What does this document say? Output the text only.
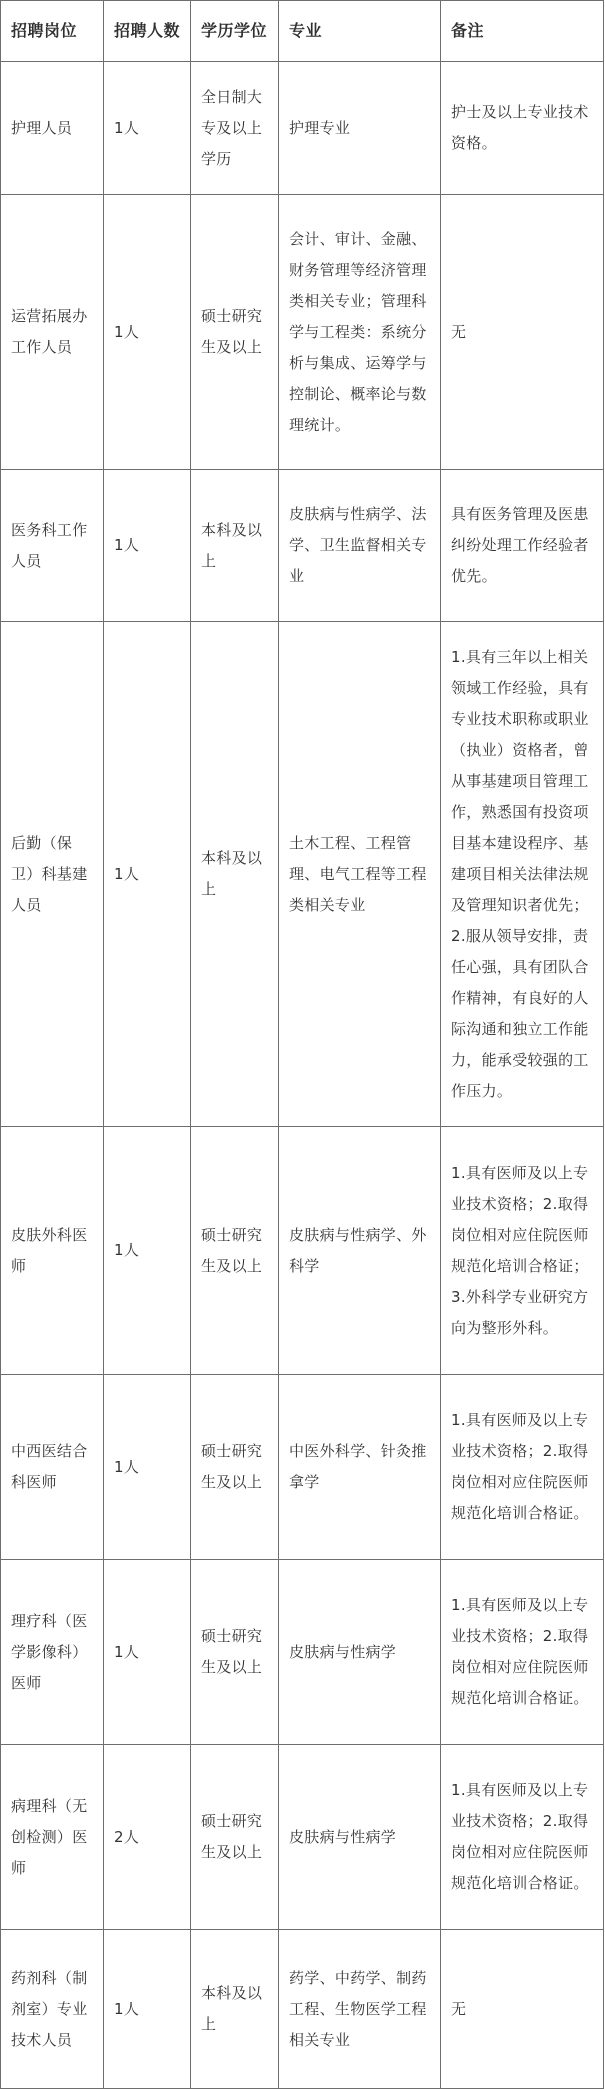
招聘岗位	招聘人数	学历学位	专业	备注
护理人员	1人	全日制大专及以上学历	护理专业	护士及以上专业技术资格。
运营拓展办工作人员	1人	硕士研究生及以上	会计、审计、金融、财务管理等经济管理类相关专业；管理科学与工程类：系统分析与集成、运筹学与控制论、概率论与数理统计。	无
医务科工作人员	1人	本科及以上	皮肤病与性病学、法学、卫生监督相关专业	具有医务管理及医患纠纷处理工作经验者优先。
后勤（保卫）科基建人员	1人	本科及以上	土木工程、工程管理、电气工程等工程类相关专业	1.具有三年以上相关领域工作经验，具有专业技术职称或职业（执业）资格者，曾从事基建项目管理工作，熟悉国有投资项目基本建设程序、基建项目相关法律法规及管理知识者优先；2.服从领导安排，责任心强，具有团队合作精神，有良好的人际沟通和独立工作能力，能承受较强的工作压力。
皮肤外科医师	1人	硕士研究生及以上	皮肤病与性病学、外科学	1.具有医师及以上专业技术资格；2.取得岗位相对应住院医师规范化培训合格证；3.外科学专业研究方向为整形外科。
中西医结合科医师	1人	硕士研究生及以上	中医外科学、针灸推拿学	1.具有医师及以上专业技术资格；2.取得岗位相对应住院医师规范化培训合格证。
理疗科（医学影像科）医师	1人	硕士研究生及以上	皮肤病与性病学	1.具有医师及以上专业技术资格；2.取得岗位相对应住院医师规范化培训合格证。
病理科（无创检测）医师	2人	硕士研究生及以上	皮肤病与性病学	1.具有医师及以上专业技术资格；2.取得岗位相对应住院医师规范化培训合格证。
药剂科（制剂室）专业技术人员	1人	本科及以上	药学、中药学、制药工程、生物医学工程相关专业	无
